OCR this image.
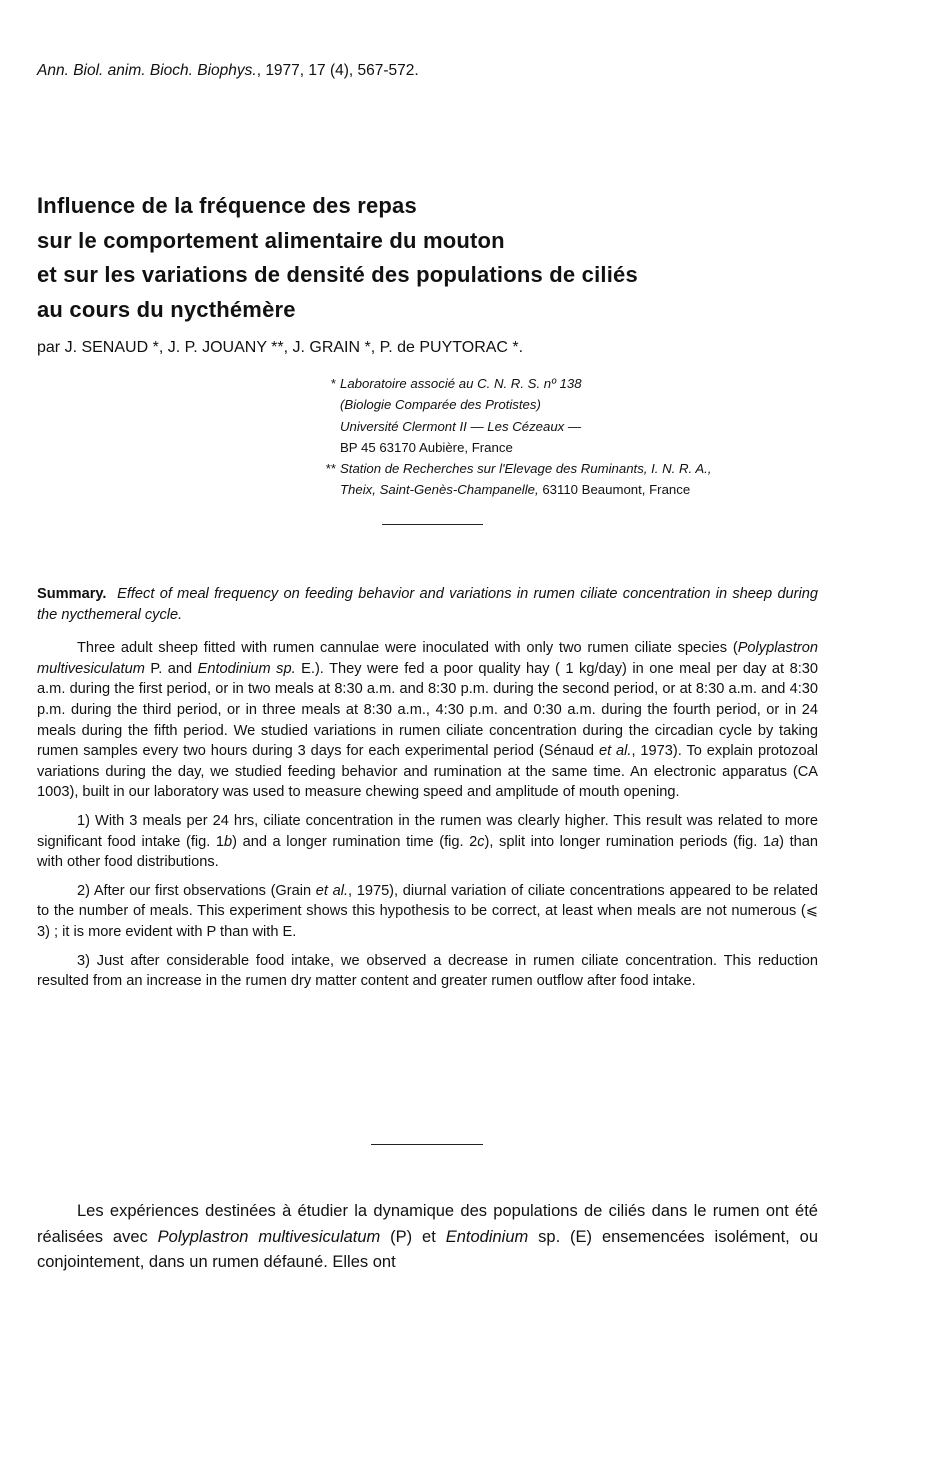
Ann. Biol. anim. Bioch. Biophys., 1977, 17 (4), 567-572.
Influence de la fréquence des repas
sur le comportement alimentaire du mouton
et sur les variations de densité des populations de ciliés
au cours du nycthémère
par J. SENAUD *, J. P. JOUANY **, J. GRAIN *, P. de PUYTORAC *.
* Laboratoire associé au C. N. R. S. nº 138
(Biologie Comparée des Protistes)
Université Clermont II — Les Cézeaux —
BP 45 63170 Aubière, France
** Station de Recherches sur l'Elevage des Ruminants, I. N. R. A.,
Theix, Saint-Genès-Champanelle, 63110 Beaumont, France

Summary. Effect of meal frequency on feeding behavior and variations in rumen ciliate concentration in sheep during the nycthemeral cycle.

Three adult sheep fitted with rumen cannulae were inoculated with only two rumen ciliate species (Polyplastron multivesiculatum P. and Entodinium sp. E.). They were fed a poor quality hay ( 1 kg/day) in one meal per day at 8:30 a.m. during the first period, or in two meals at 8:30 a.m. and 8:30 p.m. during the second period, or at 8:30 a.m. and 4:30 p.m. during the third period, or in three meals at 8:30 a.m., 4:30 p.m. and 0:30 a.m. during the fourth period, or in 24 meals during the fifth period. We studied variations in rumen ciliate concentration during the circadian cycle by taking rumen samples every two hours during 3 days for each experimental period (Sénaud et al., 1973). To explain protozoal variations during the day, we studied feeding behavior and rumination at the same time. An electronic apparatus (CA 1003), built in our laboratory was used to measure chewing speed and amplitude of mouth opening.

1) With 3 meals per 24 hrs, ciliate concentration in the rumen was clearly higher. This result was related to more significant food intake (fig. 1b) and a longer rumination time (fig. 2c), split into longer rumination periods (fig. 1a) than with other food distributions.

2) After our first observations (Grain et al., 1975), diurnal variation of ciliate concentrations appeared to be related to the number of meals. This experiment shows this hypothesis to be correct, at least when meals are not numerous (⩽ 3) ; it is more evident with P than with E.

3) Just after considerable food intake, we observed a decrease in rumen ciliate concentration. This reduction resulted from an increase in the rumen dry matter content and greater rumen outflow after food intake.

Les expériences destinées à étudier la dynamique des populations de ciliés dans le rumen ont été réalisées avec Polyplastron multivesiculatum (P) et Entodinium sp. (E) ensemencées isolément, ou conjointement, dans un rumen défauné. Elles ont
